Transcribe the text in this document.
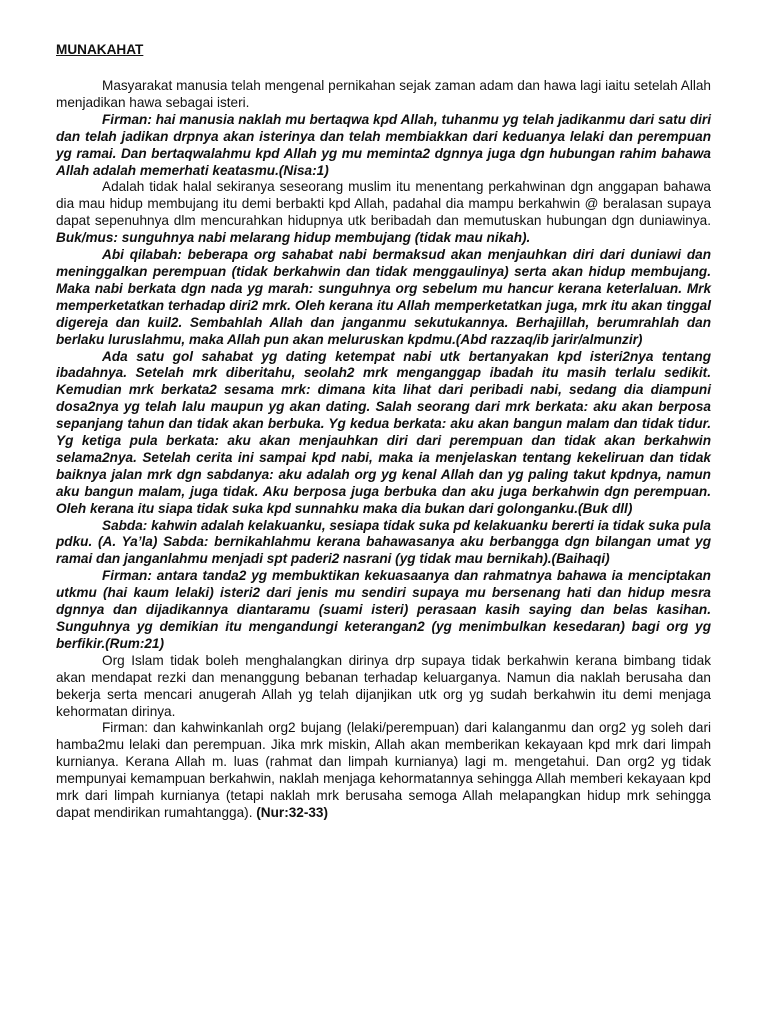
MUNAKAHAT

Masyarakat manusia telah mengenal pernikahan sejak zaman adam dan hawa lagi iaitu setelah Allah menjadikan hawa sebagai isteri.

Firman: hai manusia naklah mu bertaqwa kpd Allah, tuhanmu yg telah jadikanmu dari satu diri dan telah jadikan drpnya akan isterinya dan telah membiakkan dari keduanya lelaki dan perempuan yg ramai. Dan bertaqwalahmu kpd Allah yg mu meminta2 dgnnya juga dgn hubungan rahim bahawa Allah adalah memerhati keatasmu.(Nisa:1)

Adalah tidak halal sekiranya seseorang muslim itu menentang perkahwinan dgn anggapan bahawa dia mau hidup membujang itu demi berbakti kpd Allah, padahal dia mampu berkahwin @ beralasan supaya dapat sepenuhnya dlm mencurahkan hidupnya utk beribadah dan memutuskan hubungan dgn duniawinya. Buk/mus: sunguhnya nabi melarang hidup membujang (tidak mau nikah).

Abi qilabah: beberapa org sahabat nabi bermaksud akan menjauhkan diri dari duniawi dan meninggalkan perempuan (tidak berkahwin dan tidak menggaulinya) serta akan hidup membujang. Maka nabi berkata dgn nada yg marah: sunguhnya org sebelum mu hancur kerana keterlaluan. Mrk memperketatkan terhadap diri2 mrk. Oleh kerana itu Allah memperketatkan juga, mrk itu akan tinggal digereja dan kuil2. Sembahlah Allah dan janganmu sekutukannya. Berhajillah, berumrahlah dan berlaku luruslahmu, maka Allah pun akan meluruskan kpdmu.(Abd razzaq/ib jarir/almunzir)

Ada satu gol sahabat yg dating ketempat nabi utk bertanyakan kpd isteri2nya tentang ibadahnya. Setelah mrk diberitahu, seolah2 mrk menganggap ibadah itu masih terlalu sedikit. Kemudian mrk berkata2 sesama mrk: dimana kita lihat dari peribadi nabi, sedang dia diampuni dosa2nya yg telah lalu maupun yg akan dating. Salah seorang dari mrk berkata: aku akan berposa sepanjang tahun dan tidak akan berbuka. Yg kedua berkata: aku akan bangun malam dan tidak tidur. Yg ketiga pula berkata: aku akan menjauhkan diri dari perempuan dan tidak akan berkahwin selama2nya. Setelah cerita ini sampai kpd nabi, maka ia menjelaskan tentang kekeliruan dan tidak baiknya jalan mrk dgn sabdanya: aku adalah org yg kenal Allah dan yg paling takut kpdnya, namun aku bangun malam, juga tidak. Aku berposa juga berbuka dan aku juga berkahwin dgn perempuan. Oleh kerana itu siapa tidak suka kpd sunnahku maka dia bukan dari golonganku.(Buk dll)

Sabda: kahwin adalah kelakuanku, sesiapa tidak suka pd kelakuanku bererti ia tidak suka pula pdku. (A. Ya’la) Sabda: bernikahlahmu kerana bahawasanya aku berbangga dgn bilangan umat yg ramai dan janganlahmu menjadi spt paderi2 nasrani (yg tidak mau bernikah).(Baihaqi)

Firman: antara tanda2 yg membuktikan kekuasaanya dan rahmatnya bahawa ia menciptakan utkmu (hai kaum lelaki) isteri2 dari jenis mu sendiri supaya mu bersenang hati dan hidup mesra dgnnya dan dijadikannya diantaramu (suami isteri) perasaan kasih saying dan belas kasihan. Sunguhnya yg demikian itu mengandungi keterangan2 (yg menimbulkan kesedaran) bagi org yg berfikir.(Rum:21)

Org Islam tidak boleh menghalangkan dirinya drp supaya tidak berkahwin kerana bimbang tidak akan mendapat rezki dan menanggung bebanan terhadap keluarganya. Namun dia naklah berusaha dan bekerja serta mencari anugerah Allah yg telah dijanjikan utk org yg sudah berkahwin itu demi menjaga kehormatan dirinya.

Firman: dan kahwinkanlah org2 bujang (lelaki/perempuan) dari kalanganmu dan org2 yg soleh dari hamba2mu lelaki dan perempuan. Jika mrk miskin, Allah akan memberikan kekayaan kpd mrk dari limpah kurnianya. Kerana Allah m. luas (rahmat dan limpah kurnianya) lagi m. mengetahui. Dan org2 yg tidak mempunyai kemampuan berkahwin, naklah menjaga kehormatannya sehingga Allah memberi kekayaan kpd mrk dari limpah kurnianya (tetapi naklah mrk berusaha semoga Allah melapangkan hidup mrk sehingga dapat mendirikan rumahtangga). (Nur:32-33)
